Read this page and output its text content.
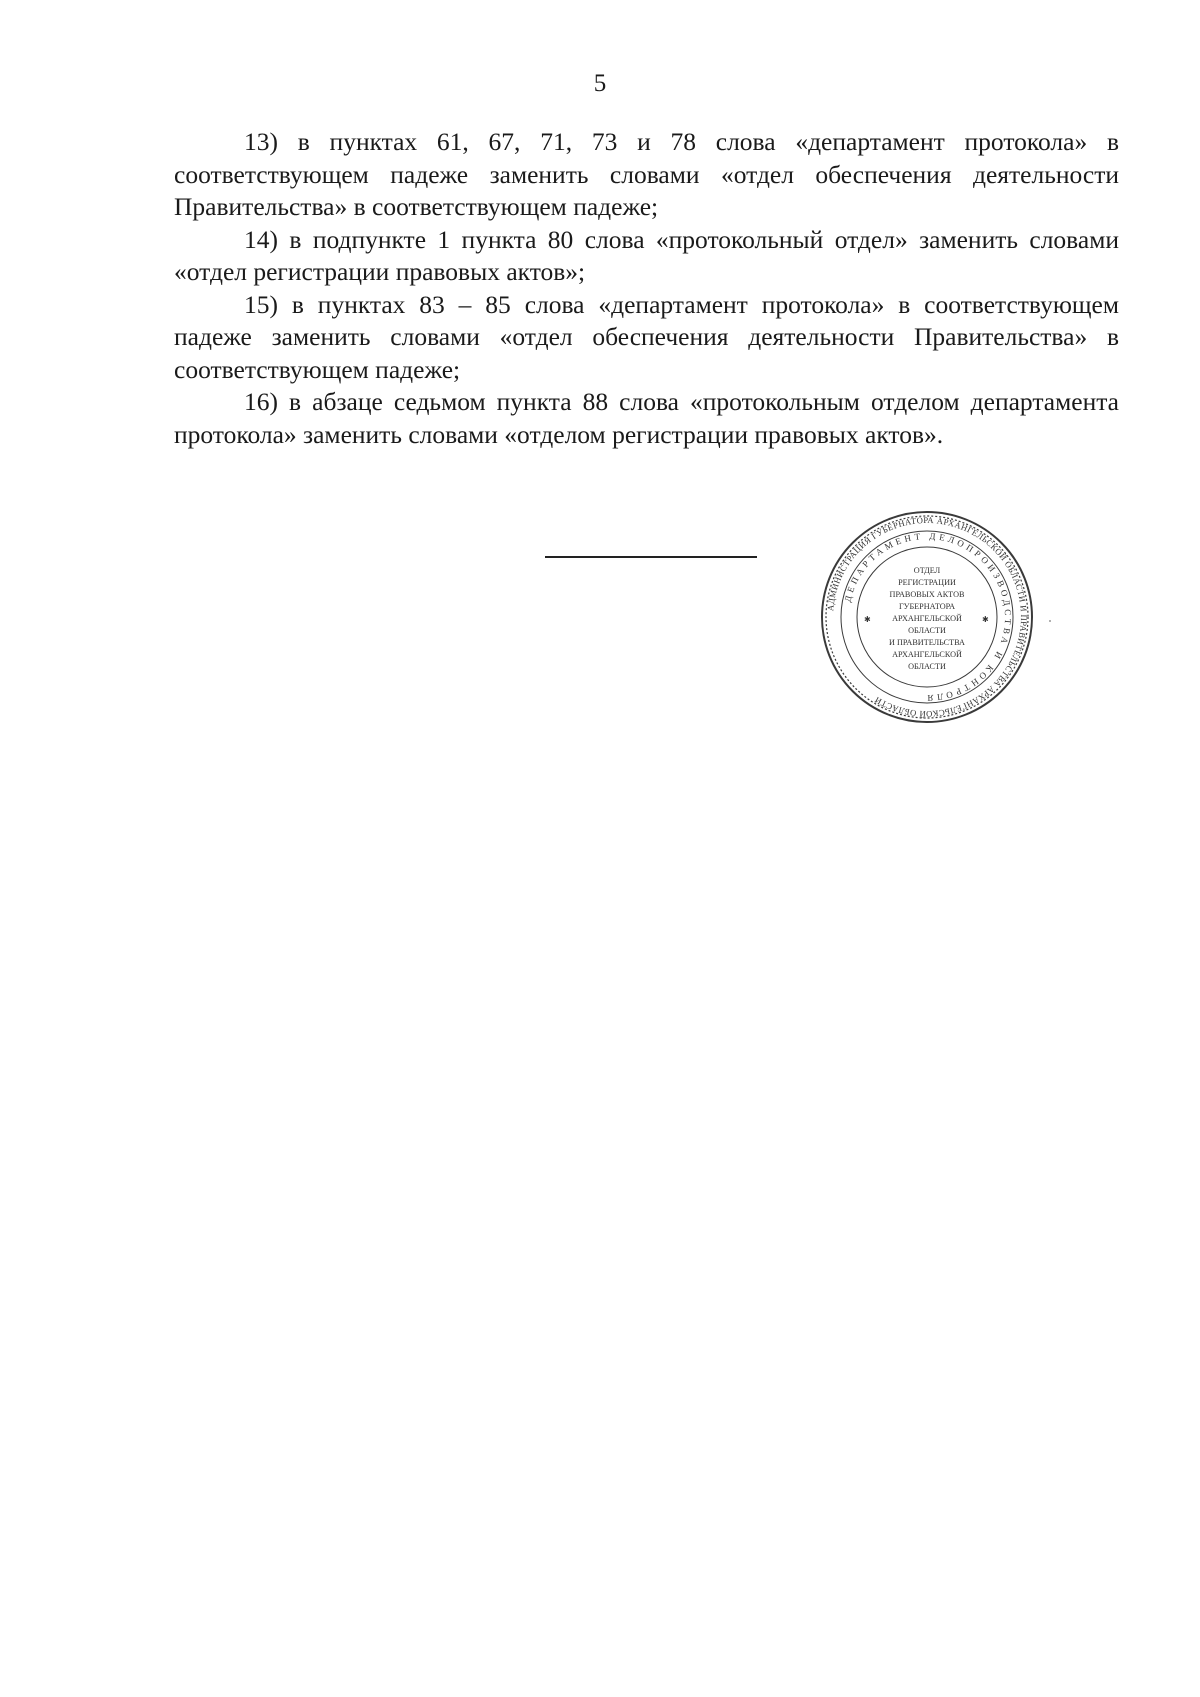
5

13) в пунктах 61, 67, 71, 73 и 78 слова «департамент протокола» в соответствующем падеже заменить словами «отдел обеспечения деятельности Правительства» в соответствующем падеже;

14) в подпункте 1 пункта 80 слова «протокольный отдел» заменить словами «отдел регистрации правовых актов»;

15) в пунктах 83 – 85 слова «департамент протокола» в соответствующем падеже заменить словами «отдел обеспечения деятельности Правительства» в соответствующем падеже;

16) в абзаце седьмом пункта 88 слова «протокольным отделом департамента протокола» заменить словами «отделом регистрации правовых актов».

АДМИНИСТРАЦИЯ ГУБЕРНАТОРА АРХАНГЕЛЬСКОЙ ОБЛАСТИ И ПРАВИТЕЛЬСТВА АРХАНГЕЛЬСКОЙ ОБЛАСТИ
ДЕПАРТАМЕНТ ДЕЛОПРОИЗВОДСТВА И КОНТРОЛЯ
✱	✱
ОТДЕЛ
РЕГИСТРАЦИИ
ПРАВОВЫХ АКТОВ
ГУБЕРНАТОРА
АРХАНГЕЛЬСКОЙ
ОБЛАСТИ
И ПРАВИТЕЛЬСТВА
АРХАНГЕЛЬСКОЙ
ОБЛАСТИ
